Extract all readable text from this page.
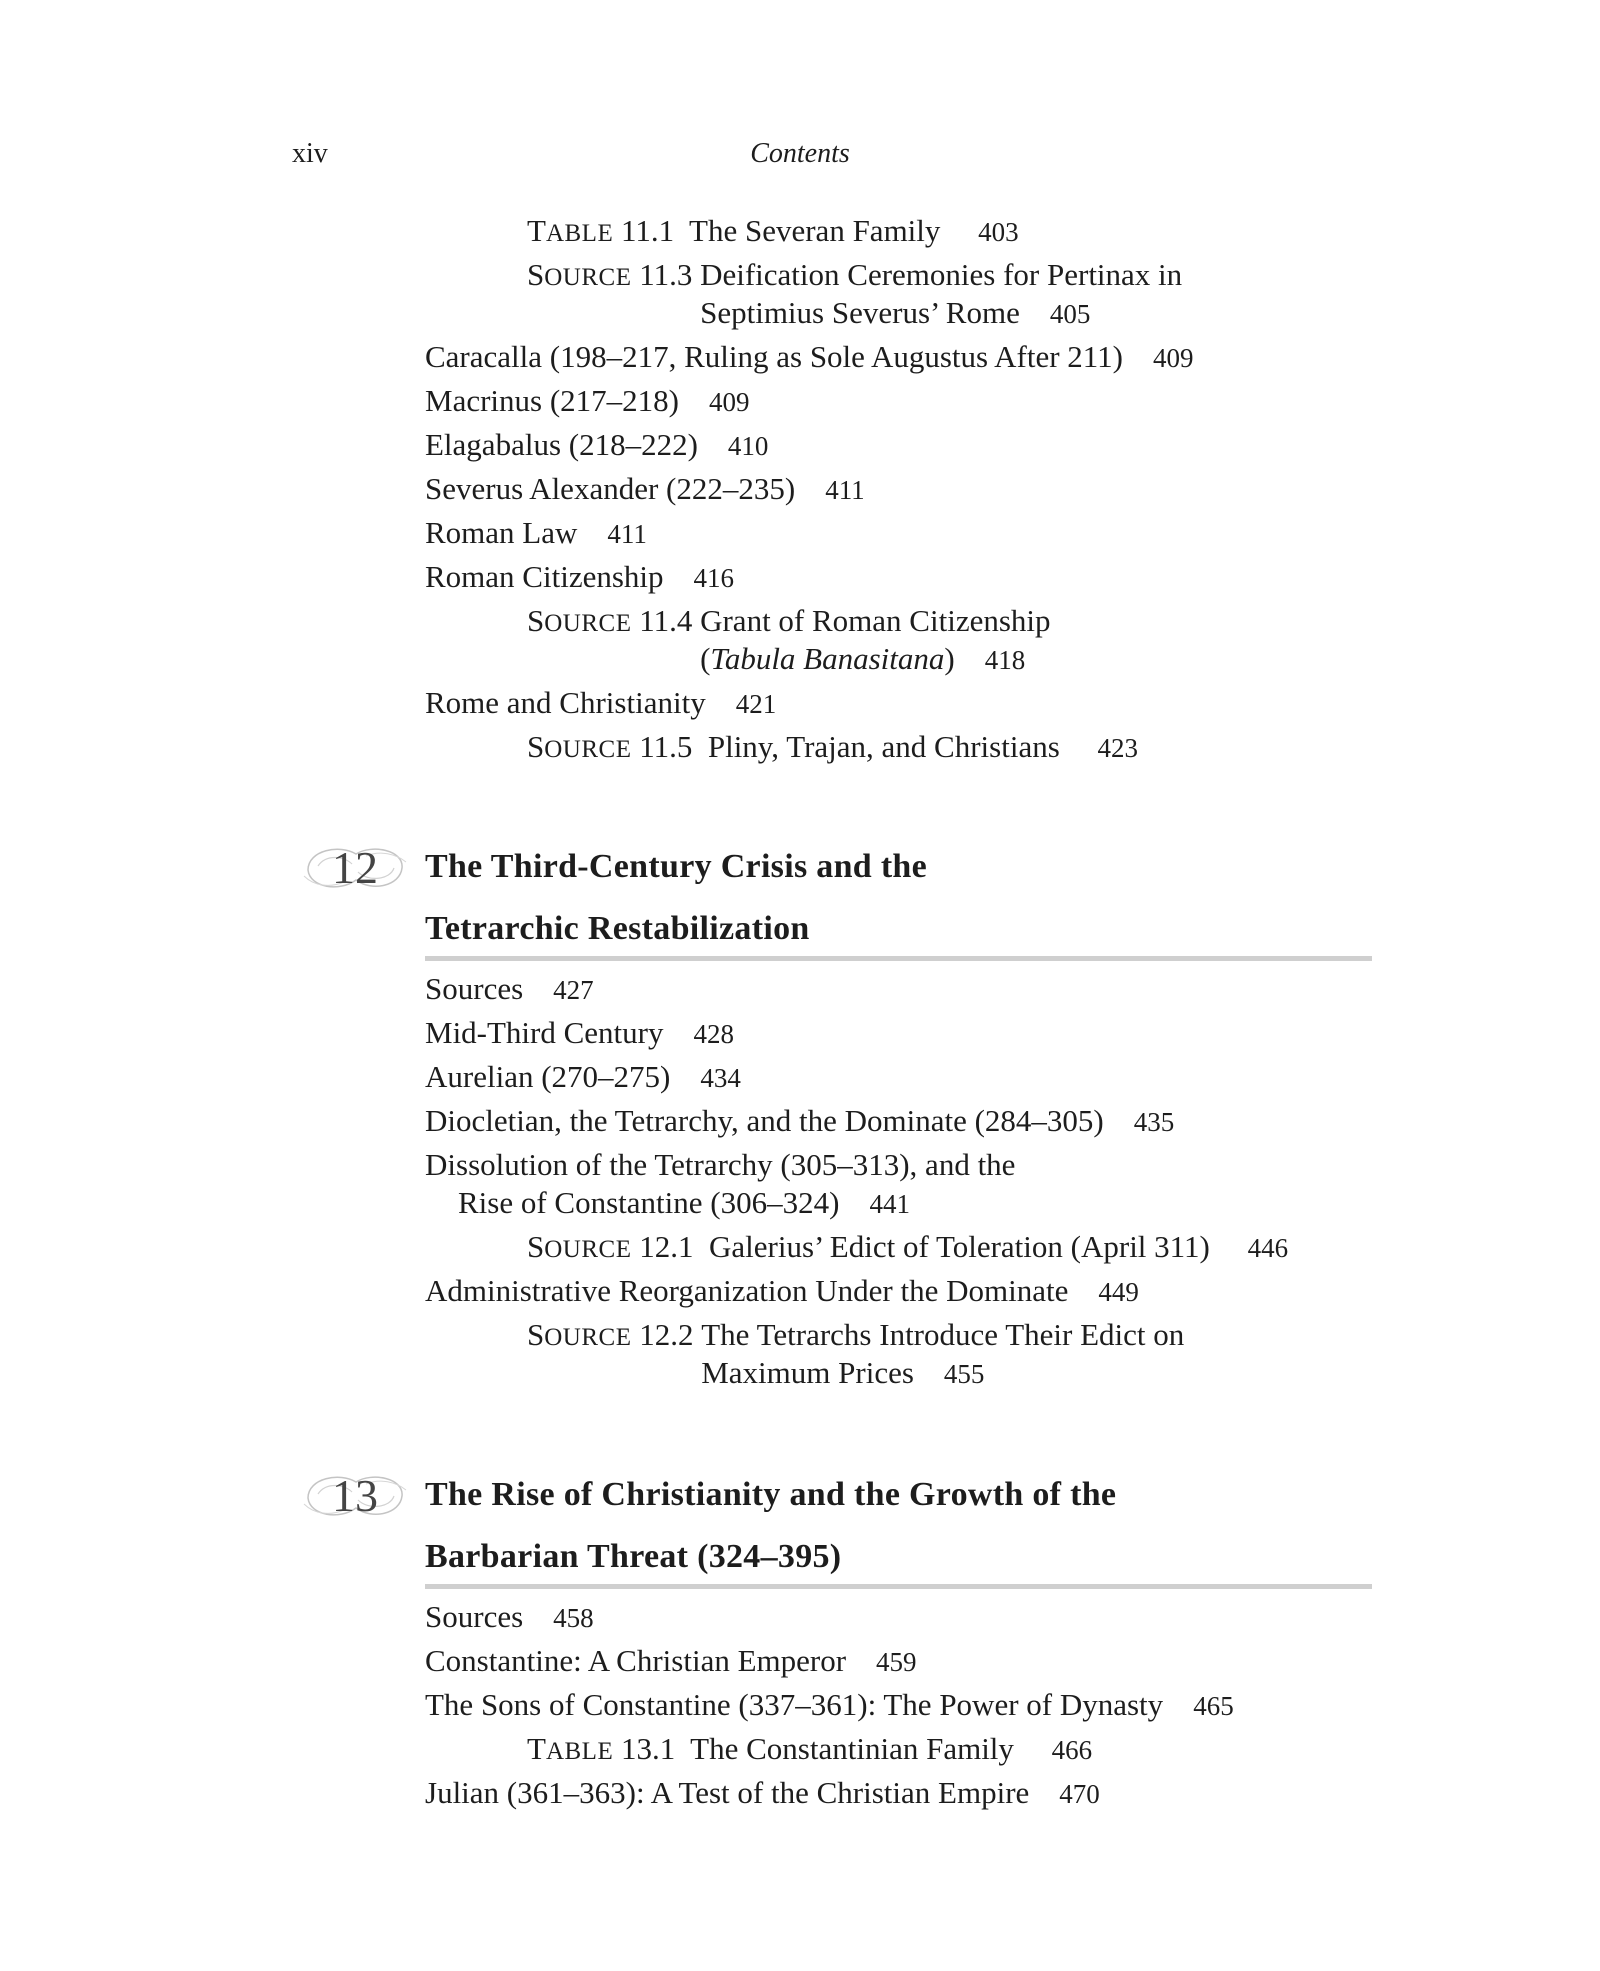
xiv	Contents
TABLE 11.1 The Severan Family 403
SOURCE 11.3 Deification Ceremonies for Pertinax in
Septimius Severus’ Rome 405
Caracalla (198–217, Ruling as Sole Augustus After 211) 409
Macrinus (217–218) 409
Elagabalus (218–222) 410
Severus Alexander (222–235) 411
Roman Law 411
Roman Citizenship 416
SOURCE 11.4 Grant of Roman Citizenship
(Tabula Banasitana) 418
Rome and Christianity 421
SOURCE 11.5 Pliny, Trajan, and Christians 423
12	The Third-Century Crisis and the
Tetrarchic Restabilization
Sources 427
Mid-Third Century 428
Aurelian (270–275) 434
Diocletian, the Tetrarchy, and the Dominate (284–305) 435
Dissolution of the Tetrarchy (305–313), and the
Rise of Constantine (306–324) 441
SOURCE 12.1 Galerius’ Edict of Toleration (April 311) 446
Administrative Reorganization Under the Dominate 449
SOURCE 12.2 The Tetrarchs Introduce Their Edict on
Maximum Prices 455
13	The Rise of Christianity and the Growth of the
Barbarian Threat (324–395)
Sources 458
Constantine: A Christian Emperor 459
The Sons of Constantine (337–361): The Power of Dynasty 465
TABLE 13.1 The Constantinian Family 466
Julian (361–363): A Test of the Christian Empire 470
